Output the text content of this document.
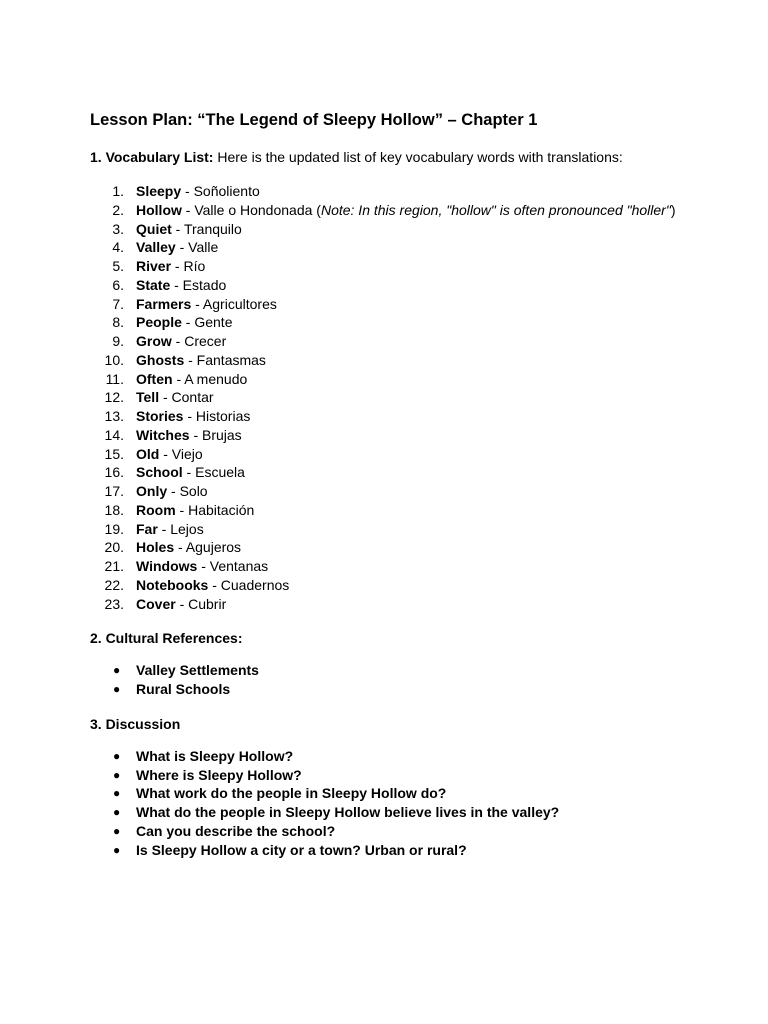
Lesson Plan: “The Legend of Sleepy Hollow” – Chapter 1

1. Vocabulary List: Here is the updated list of key vocabulary words with translations:

1. Sleepy - Soñoliento
2. Hollow - Valle o Hondonada (Note: In this region, "hollow" is often pronounced "holler")
3. Quiet - Tranquilo
4. Valley - Valle
5. River - Río
6. State - Estado
7. Farmers - Agricultores
8. People - Gente
9. Grow - Crecer
10. Ghosts - Fantasmas
11. Often - A menudo
12. Tell - Contar
13. Stories - Historias
14. Witches - Brujas
15. Old - Viejo
16. School - Escuela
17. Only - Solo
18. Room - Habitación
19. Far - Lejos
20. Holes - Agujeros
21. Windows - Ventanas
22. Notebooks - Cuadernos
23. Cover - Cubrir

2. Cultural References:

● Valley Settlements
● Rural Schools

3. Discussion

● What is Sleepy Hollow?
● Where is Sleepy Hollow?
● What work do the people in Sleepy Hollow do?
● What do the people in Sleepy Hollow believe lives in the valley?
● Can you describe the school?
● Is Sleepy Hollow a city or a town? Urban or rural?
